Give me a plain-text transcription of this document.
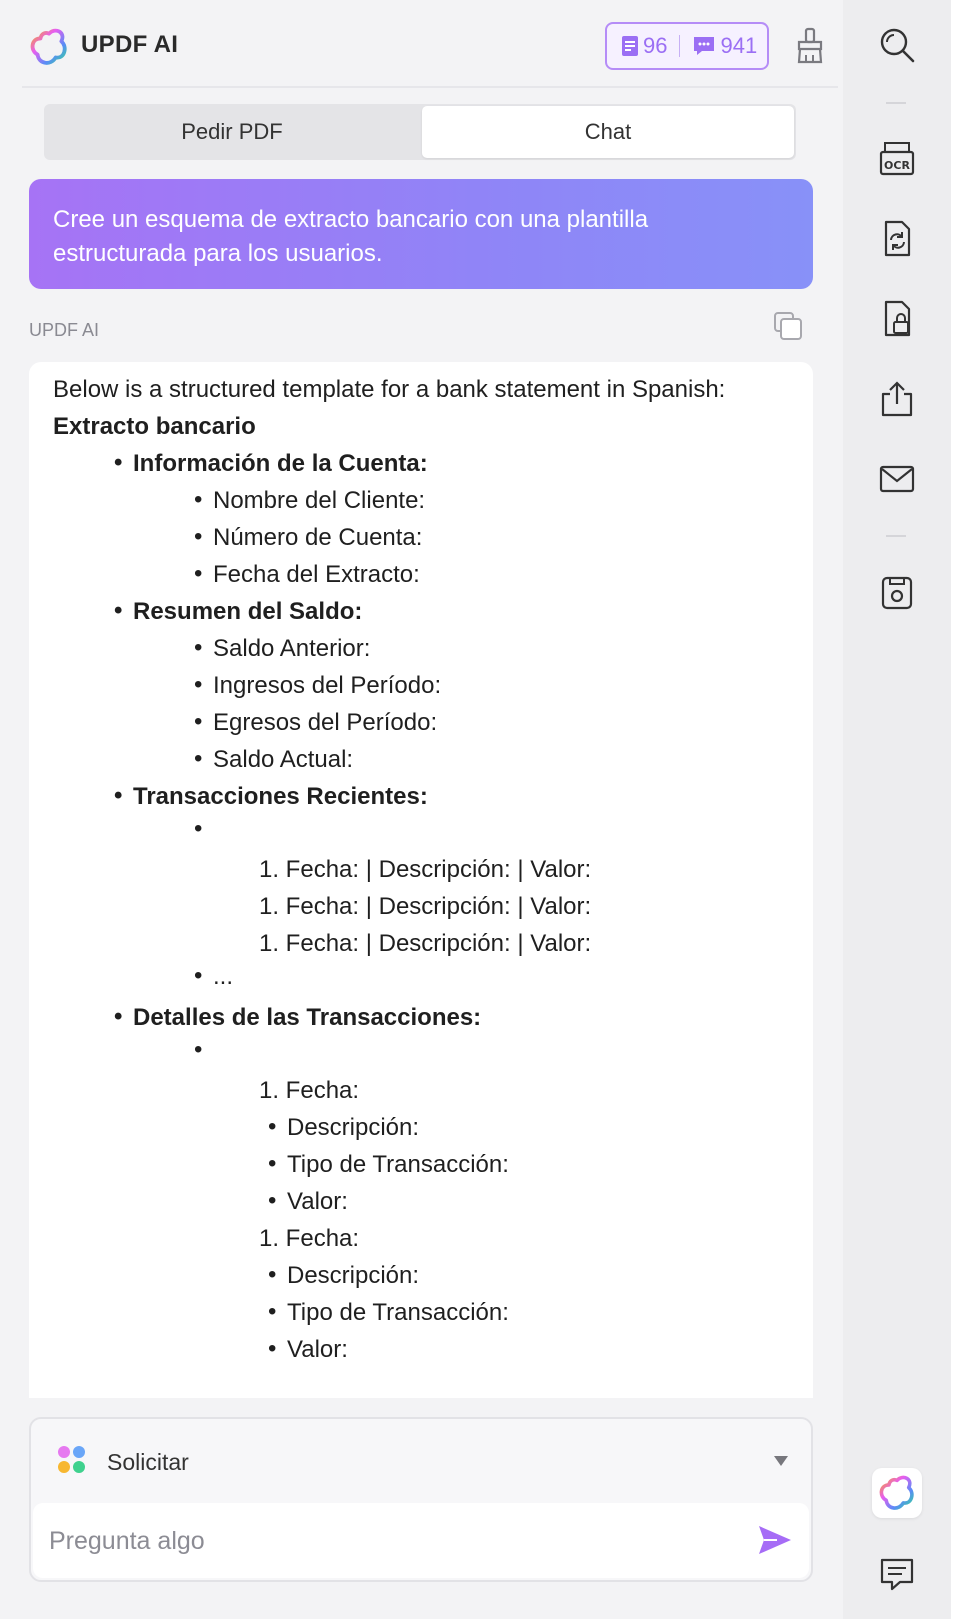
UPDF AI	96 941
Pedir PDF	Chat
Cree un esquema de extracto bancario con una plantilla
estructurada para los usuarios.
UPDF AI
Below is a structured template for a bank statement in Spanish:
Extracto bancario
• Información de la Cuenta:
• Nombre del Cliente:
• Número de Cuenta:
• Fecha del Extracto:
• Resumen del Saldo:
• Saldo Anterior:
• Ingresos del Período:
• Egresos del Período:
• Saldo Actual:
• Transacciones Recientes:
•
1. Fecha: | Descripción: | Valor:
1. Fecha: | Descripción: | Valor:
1. Fecha: | Descripción: | Valor:
• ...
• Detalles de las Transacciones:
•
1. Fecha:
• Descripción:
• Tipo de Transacción:
• Valor:
1. Fecha:
• Descripción:
• Tipo de Transacción:
• Valor:
Solicitar
Pregunta algo
OCR
